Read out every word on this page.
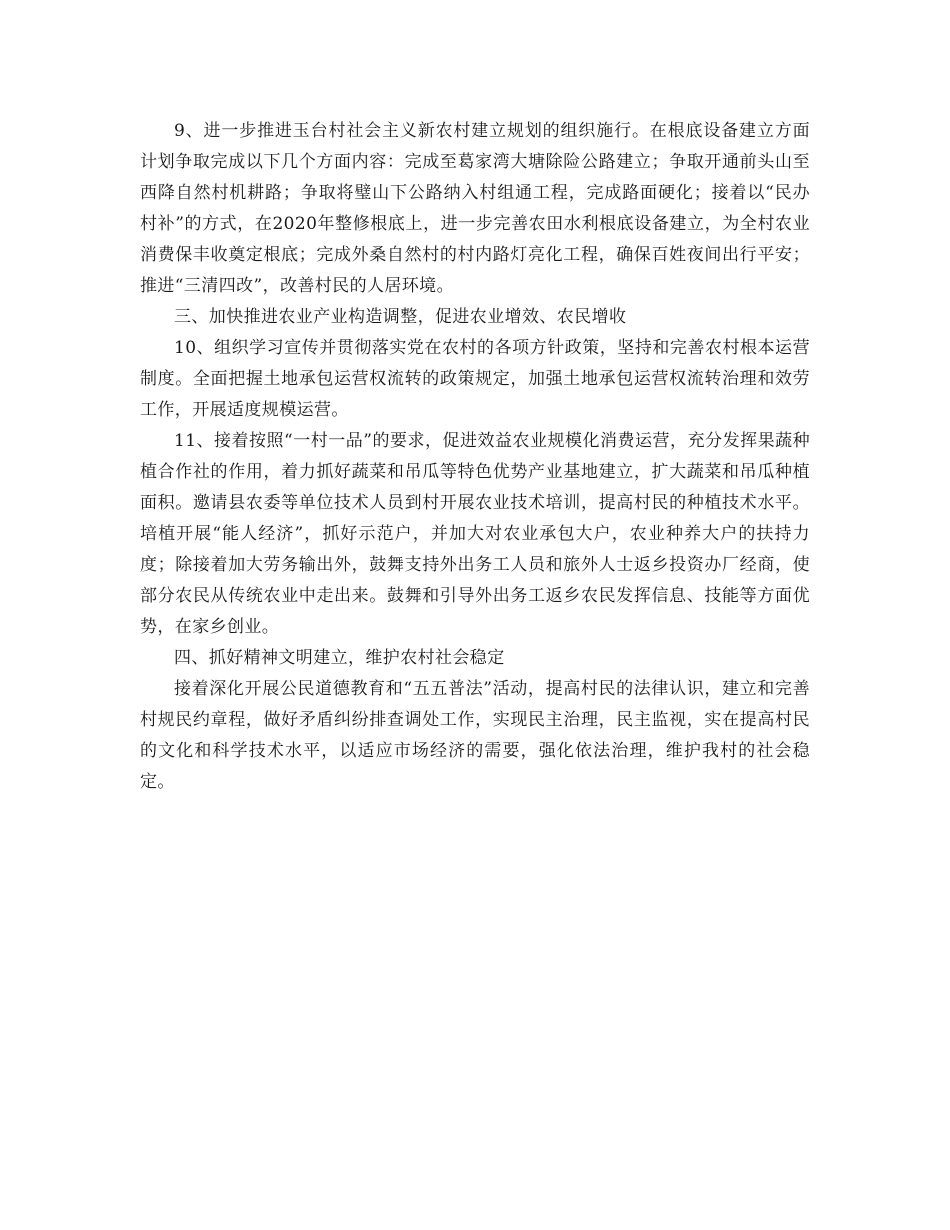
9、进一步推进玉台村社会主义新农村建立规划的组织施行。在根底设备建立方面计划争取完成以下几个方面内容：完成至葛家湾大塘除险公路建立；争取开通前头山至西降自然村机耕路；争取将璧山下公路纳入村组通工程，完成路面硬化；接着以“民办村补”的方式，在2020年整修根底上，进一步完善农田水利根底设备建立，为全村农业消费保丰收奠定根底；完成外桑自然村的村内路灯亮化工程，确保百姓夜间出行平安；推进“三清四改”，改善村民的人居环境。

三、加快推进农业产业构造调整，促进农业增效、农民增收

10、组织学习宣传并贯彻落实党在农村的各项方针政策，坚持和完善农村根本运营制度。全面把握土地承包运营权流转的政策规定，加强土地承包运营权流转治理和效劳工作，开展适度规模运营。

11、接着按照“一村一品”的要求，促进效益农业规模化消费运营，充分发挥果蔬种植合作社的作用，着力抓好蔬菜和吊瓜等特色优势产业基地建立，扩大蔬菜和吊瓜种植面积。邀请县农委等单位技术人员到村开展农业技术培训，提高村民的种植技术水平。培植开展“能人经济”，抓好示范户，并加大对农业承包大户，农业种养大户的扶持力度；除接着加大劳务输出外，鼓舞支持外出务工人员和旅外人士返乡投资办厂经商，使部分农民从传统农业中走出来。鼓舞和引导外出务工返乡农民发挥信息、技能等方面优势，在家乡创业。

四、抓好精神文明建立，维护农村社会稳定

接着深化开展公民道德教育和“五五普法”活动，提高村民的法律认识，建立和完善村规民约章程，做好矛盾纠纷排查调处工作，实现民主治理，民主监视，实在提高村民的文化和科学技术水平，以适应市场经济的需要，强化依法治理，维护我村的社会稳定。
